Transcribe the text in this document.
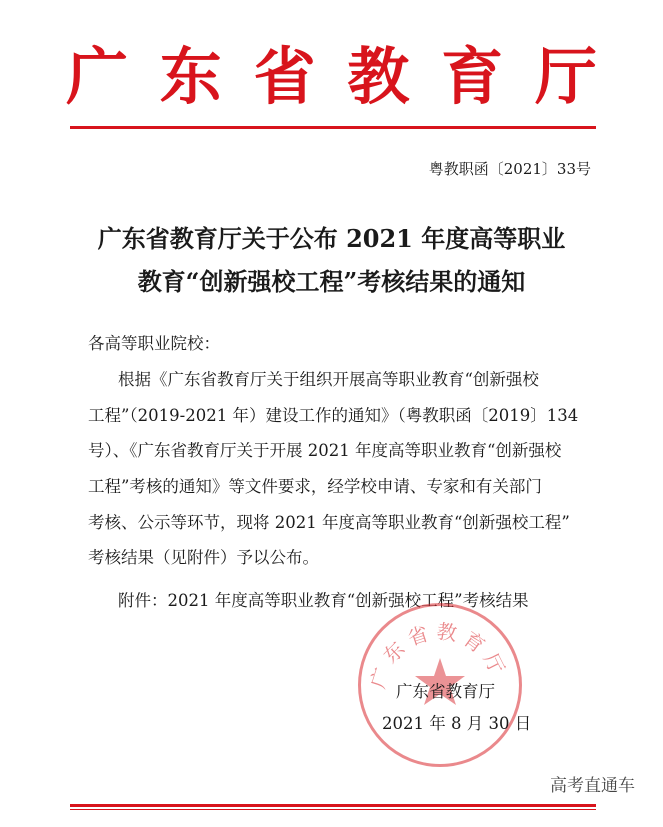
广 东 省 教 育 厅
粤教职函〔2021〕33号
广东省教育厅关于公布 2021 年度高等职业
教育“创新强校工程”考核结果的通知
各高等职业院校：
根据《广东省教育厅关于组织开展高等职业教育“创新强校
工程”（2019-2021 年）建设工作的通知》（粤教职函〔2019〕134
号）、《广东省教育厅关于开展 2021 年度高等职业教育“创新强校
工程”考核的通知》等文件要求，经学校申请、专家和有关部门
考核、公示等环节，现将 2021 年度高等职业教育“创新强校工程”
考核结果（见附件）予以公布。
附件：2021 年度高等职业教育“创新强校工程”考核结果
广东省教育厅
广东省教育厅
2021 年 8 月 30 日
高考直通车
